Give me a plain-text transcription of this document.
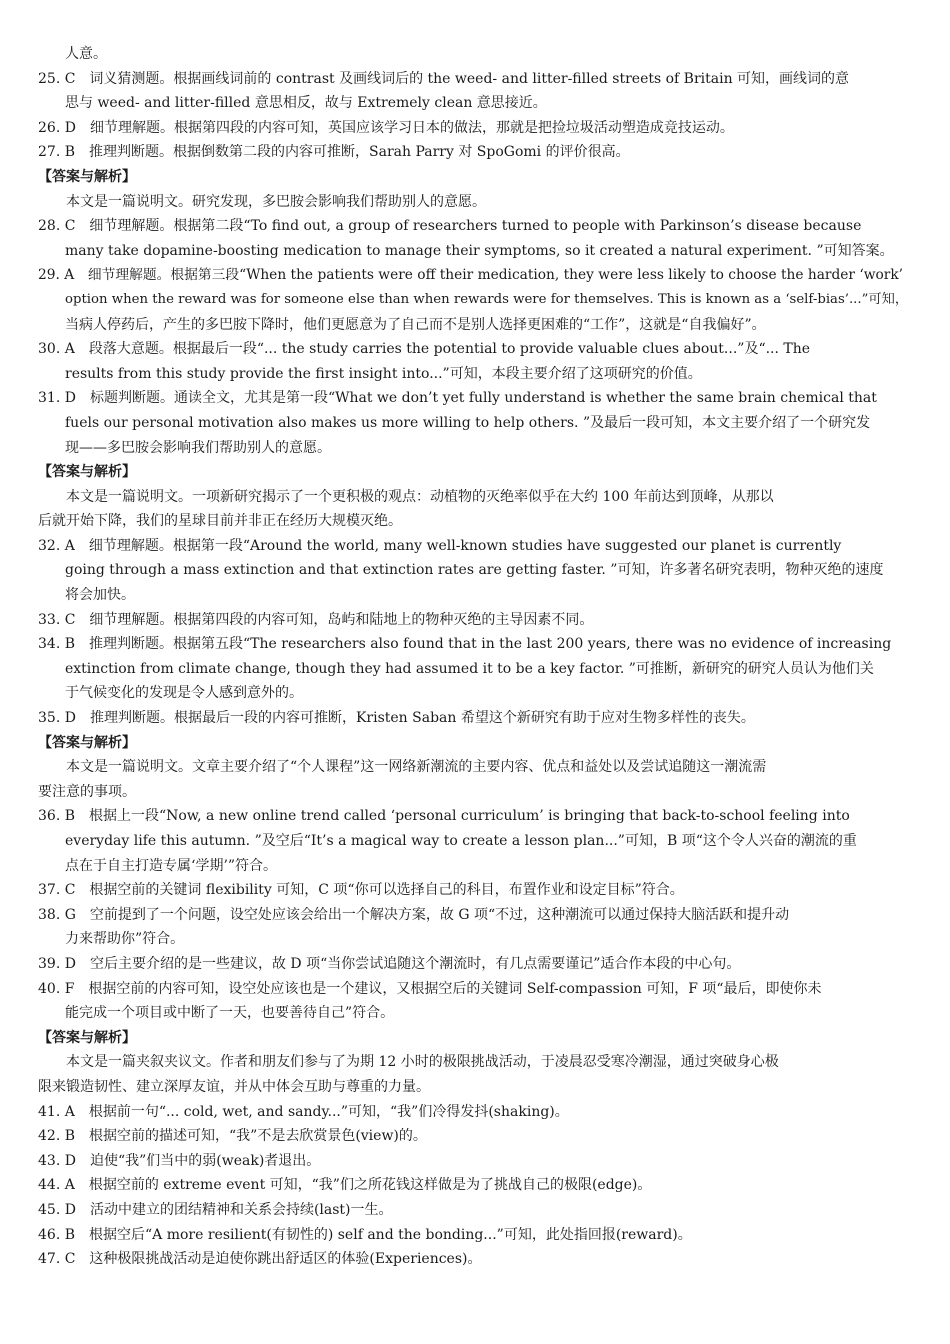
人意。
25. C　词义猜测题。根据画线词前的 contrast 及画线词后的 the weed- and litter-filled streets of Britain 可知，画线词的意
思与 weed- and litter-filled 意思相反，故与 Extremely clean 意思接近。
26. D　细节理解题。根据第四段的内容可知，英国应该学习日本的做法，那就是把捡垃圾活动塑造成竞技运动。
27. B　推理判断题。根据倒数第二段的内容可推断，Sarah Parry 对 SpoGomi 的评价很高。
【答案与解析】
本文是一篇说明文。研究发现，多巴胺会影响我们帮助别人的意愿。
28. C　细节理解题。根据第二段“To find out, a group of researchers turned to people with Parkinson’s disease because
many take dopamine-boosting medication to manage their symptoms, so it created a natural experiment. ”可知答案。
29. A　细节理解题。根据第三段“When the patients were off their medication, they were less likely to choose the harder ‘work’
option when the reward was for someone else than when rewards were for themselves. This is known as a ‘self-bias’...”可知，
当病人停药后，产生的多巴胺下降时，他们更愿意为了自己而不是别人选择更困难的“工作”，这就是“自我偏好”。
30. A　段落大意题。根据最后一段“... the study carries the potential to provide valuable clues about...”及“... The
results from this study provide the first insight into...”可知，本段主要介绍了这项研究的价值。
31. D　标题判断题。通读全文，尤其是第一段“What we don’t yet fully understand is whether the same brain chemical that
fuels our personal motivation also makes us more willing to help others. ”及最后一段可知，本文主要介绍了一个研究发
现——多巴胺会影响我们帮助别人的意愿。
【答案与解析】
本文是一篇说明文。一项新研究揭示了一个更积极的观点：动植物的灭绝率似乎在大约 100 年前达到顶峰，从那以
后就开始下降，我们的星球目前并非正在经历大规模灭绝。
32. A　细节理解题。根据第一段“Around the world, many well-known studies have suggested our planet is currently
going through a mass extinction and that extinction rates are getting faster. ”可知，许多著名研究表明，物种灭绝的速度
将会加快。
33. C　细节理解题。根据第四段的内容可知，岛屿和陆地上的物种灭绝的主导因素不同。
34. B　推理判断题。根据第五段“The researchers also found that in the last 200 years, there was no evidence of increasing
extinction from climate change, though they had assumed it to be a key factor. ”可推断，新研究的研究人员认为他们关
于气候变化的发现是令人感到意外的。
35. D　推理判断题。根据最后一段的内容可推断，Kristen Saban 希望这个新研究有助于应对生物多样性的丧失。
【答案与解析】
本文是一篇说明文。文章主要介绍了“个人课程”这一网络新潮流的主要内容、优点和益处以及尝试追随这一潮流需
要注意的事项。
36. B　根据上一段“Now, a new online trend called ‘personal curriculum’ is bringing that back-to-school feeling into
everyday life this autumn. ”及空后“It’s a magical way to create a lesson plan...”可知，B 项“这个令人兴奋的潮流的重
点在于自主打造专属‘学期’”符合。
37. C　根据空前的关键词 flexibility 可知，C 项“你可以选择自己的科目，布置作业和设定目标”符合。
38. G　空前提到了一个问题，设空处应该会给出一个解决方案，故 G 项“不过，这种潮流可以通过保持大脑活跃和提升动
力来帮助你”符合。
39. D　空后主要介绍的是一些建议，故 D 项“当你尝试追随这个潮流时，有几点需要谨记”适合作本段的中心句。
40. F　根据空前的内容可知，设空处应该也是一个建议，又根据空后的关键词 Self-compassion 可知，F 项“最后，即使你未
能完成一个项目或中断了一天，也要善待自己”符合。
【答案与解析】
本文是一篇夹叙夹议文。作者和朋友们参与了为期 12 小时的极限挑战活动，于凌晨忍受寒冷潮湿，通过突破身心极
限来锻造韧性、建立深厚友谊，并从中体会互助与尊重的力量。
41. A　根据前一句“... cold, wet, and sandy...”可知，“我”们冷得发抖(shaking)。
42. B　根据空前的描述可知，“我”不是去欣赏景色(view)的。
43. D　迫使“我”们当中的弱(weak)者退出。
44. A　根据空前的 extreme event 可知，“我”们之所花钱这样做是为了挑战自己的极限(edge)。
45. D　活动中建立的团结精神和关系会持续(last)一生。
46. B　根据空后“A more resilient(有韧性的) self and the bonding...”可知，此处指回报(reward)。
47. C　这种极限挑战活动是迫使你跳出舒适区的体验(Experiences)。
